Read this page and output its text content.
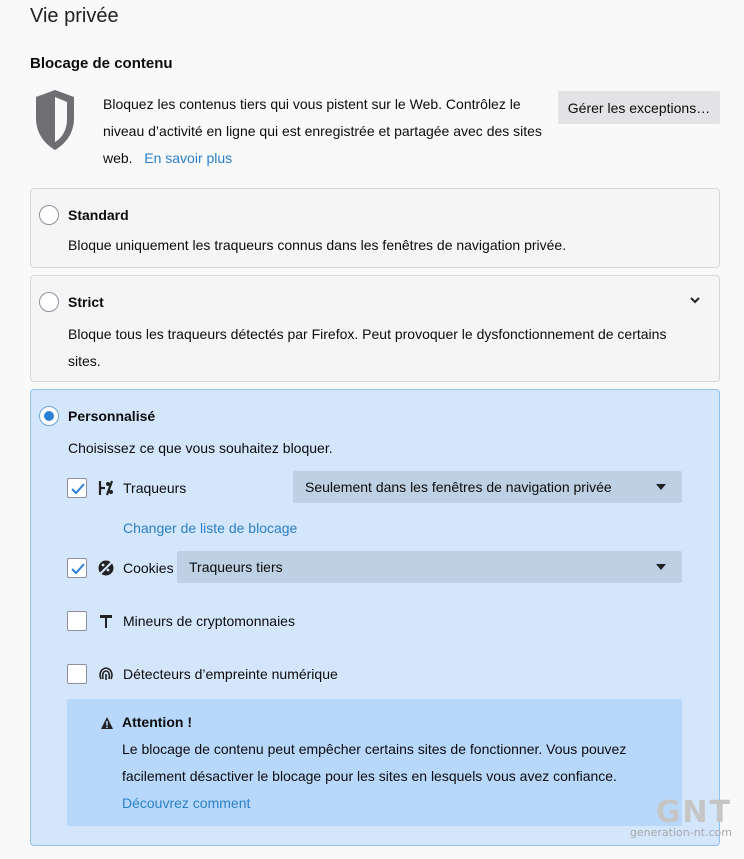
Vie privée
Blocage de contenu

Bloquez les contenus tiers qui vous pistent sur le Web. Contrôlez le niveau d’activité en ligne qui est enregistrée et partagée avec des sites web. En savoir plus

Gérer les exceptions…
Standard
Bloque uniquement les traqueurs connus dans les fenêtres de navigation privée.
Strict
Bloque tous les traqueurs détectés par Firefox. Peut provoquer le dysfonctionnement de certains sites.
Personnalisé
Choisissez ce que vous souhaitez bloquer.
Traqueurs	Seulement dans les fenêtres de navigation privée
Changer de liste de blocage
Cookies	Traqueurs tiers
Mineurs de cryptomonnaies
Détecteurs d’empreinte numérique
Attention !
Le blocage de contenu peut empêcher certains sites de fonctionner. Vous pouvez facilement désactiver le blocage pour les sites en lesquels vous avez confiance.   Découvrez comment	GNT
generation-nt.com
